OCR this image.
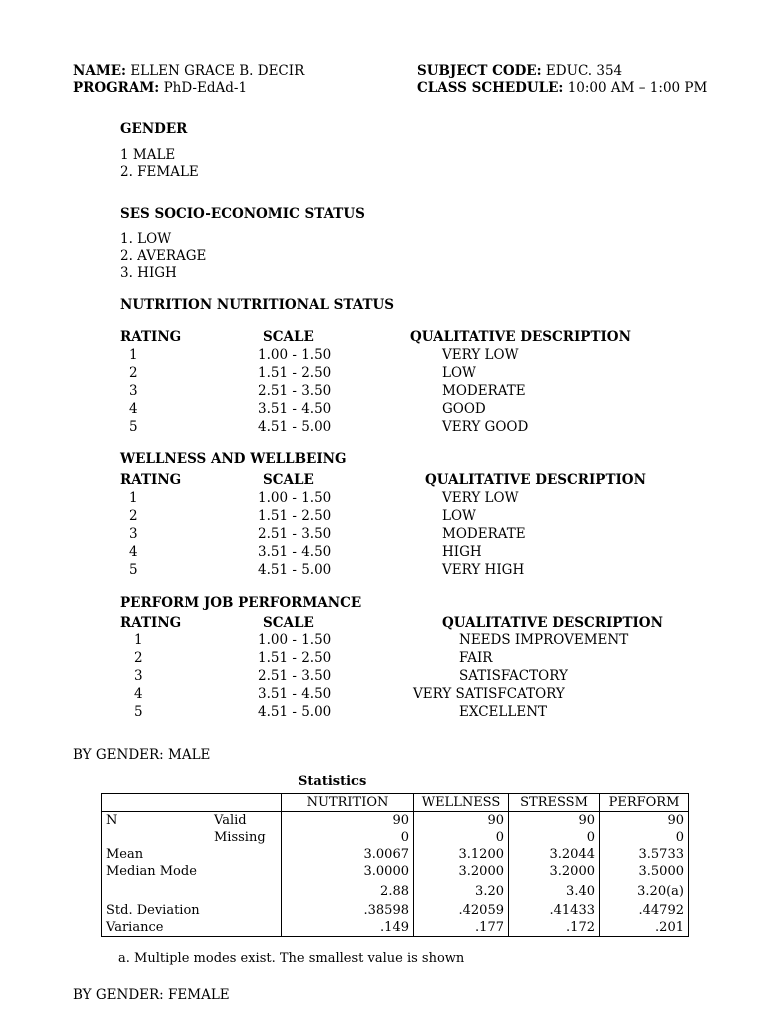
NAME: ELLEN GRACE B. DECIR
PROGRAM: PhD-EdAd-1
SUBJECT CODE: EDUC. 354
CLASS SCHEDULE: 10:00 AM – 1:00 PM
GENDER
1 MALE
2. FEMALE
SES SOCIO-ECONOMIC STATUS
1. LOW
2. AVERAGE
3. HIGH
NUTRITION NUTRITIONAL STATUS
RATING	SCALE	QUALITATIVE DESCRIPTION
1	1.00 - 1.50	VERY LOW
2	1.51 - 2.50	LOW
3	2.51 - 3.50	MODERATE
4	3.51 - 4.50	GOOD
5	4.51 - 5.00	VERY GOOD
WELLNESS AND WELLBEING
RATING	SCALE	QUALITATIVE DESCRIPTION
1	1.00 - 1.50	VERY LOW
2	1.51 - 2.50	LOW
3	2.51 - 3.50	MODERATE
4	3.51 - 4.50	HIGH
5	4.51 - 5.00	VERY HIGH
PERFORM JOB PERFORMANCE
RATING	SCALE	QUALITATIVE DESCRIPTION
1	1.00 - 1.50	NEEDS IMPROVEMENT
2	1.51 - 2.50	FAIR
3	2.51 - 3.50	SATISFACTORY
4	3.51 - 4.50	VERY SATISFCATORY
5	4.51 - 5.00	EXCELLENT
BY GENDER: MALE
Statistics
		NUTRITION	WELLNESS	STRESSM	PERFORM
N	Valid	90	90	90	90
	Missing	0	0	0	0
Mean		3.0067	3.1200	3.2044	3.5733
Median Mode		3.0000	3.2000	3.2000	3.5000
		2.88	3.20	3.40	3.20(a)
Std. Deviation		.38598	.42059	.41433	.44792
Variance		.149	.177	.172	.201
a. Multiple modes exist. The smallest value is shown
BY GENDER: FEMALE
